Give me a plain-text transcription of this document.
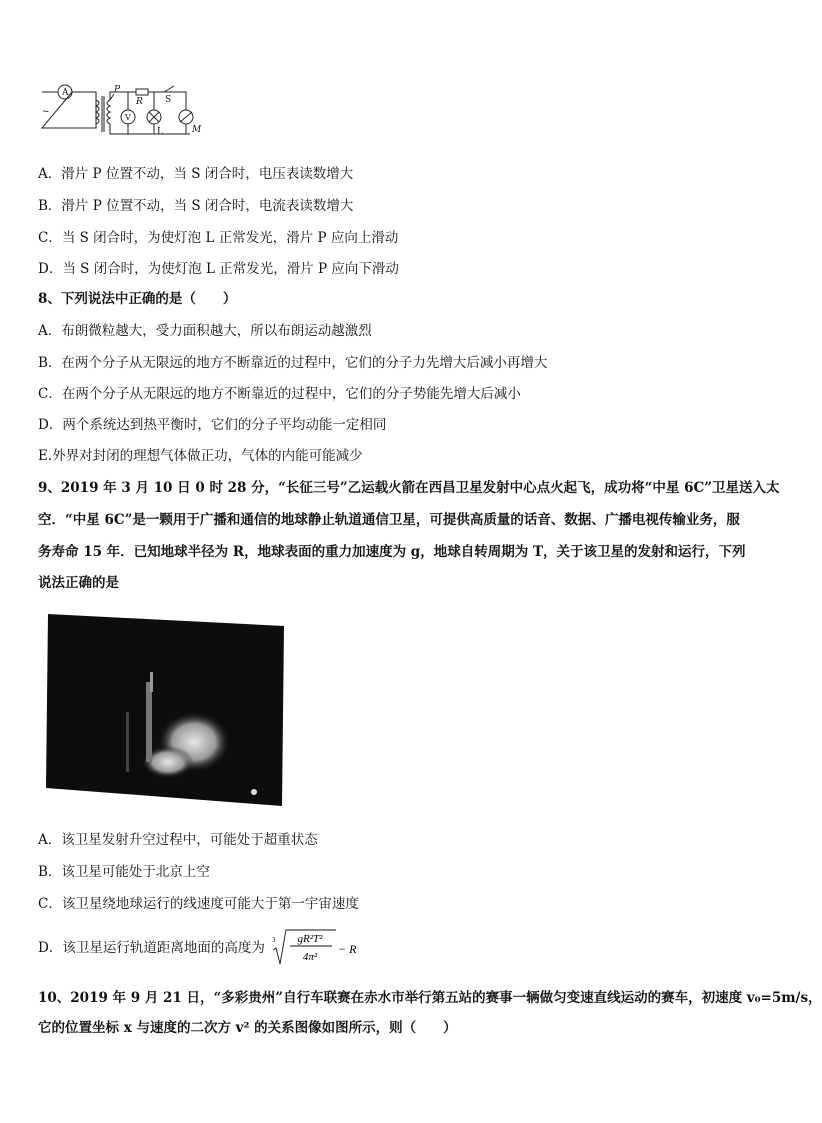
A
~
P
R S
V
L	M
A．滑片 P 位置不动，当 S 闭合时，电压表读数增大
B．滑片 P 位置不动，当 S 闭合时，电流表读数增大
C．当 S 闭合时，为使灯泡 L 正常发光，滑片 P 应向上滑动
D．当 S 闭合时，为使灯泡 L 正常发光，滑片 P 应向下滑动
8、下列说法中正确的是（　　）
A．布朗微粒越大，受力面积越大，所以布朗运动越激烈
B．在两个分子从无限远的地方不断靠近的过程中，它们的分子力先增大后减小再增大
C．在两个分子从无限远的地方不断靠近的过程中，它们的分子势能先增大后减小
D．两个系统达到热平衡时，它们的分子平均动能一定相同
E.外界对封闭的理想气体做正功，气体的内能可能减少
9、2019 年 3 月 10 日 0 时 28 分，“长征三号”乙运载火箭在西昌卫星发射中心点火起飞，成功将“中星 6C”卫星送入太
空．“中星 6C”是一颗用于广播和通信的地球静止轨道通信卫星，可提供高质量的话音、数据、广播电视传输业务，服
务寿命 15 年．已知地球半径为 R，地球表面的重力加速度为 g，地球自转周期为 T，关于该卫星的发射和运行，下列
说法正确的是
A．该卫星发射升空过程中，可能处于超重状态
B．该卫星可能处于北京上空
C．该卫星绕地球运行的线速度可能大于第一宇宙速度
D．该卫星运行轨道距离地面的高度为 3 gR²T²
4π²
− R
10、2019 年 9 月 21 日，“多彩贵州”自行车联赛在赤水市举行第五站的赛事一辆做匀变速直线运动的赛车，初速度 v₀=5m/s，
它的位置坐标 x 与速度的二次方 v² 的关系图像如图所示，则（　　）
